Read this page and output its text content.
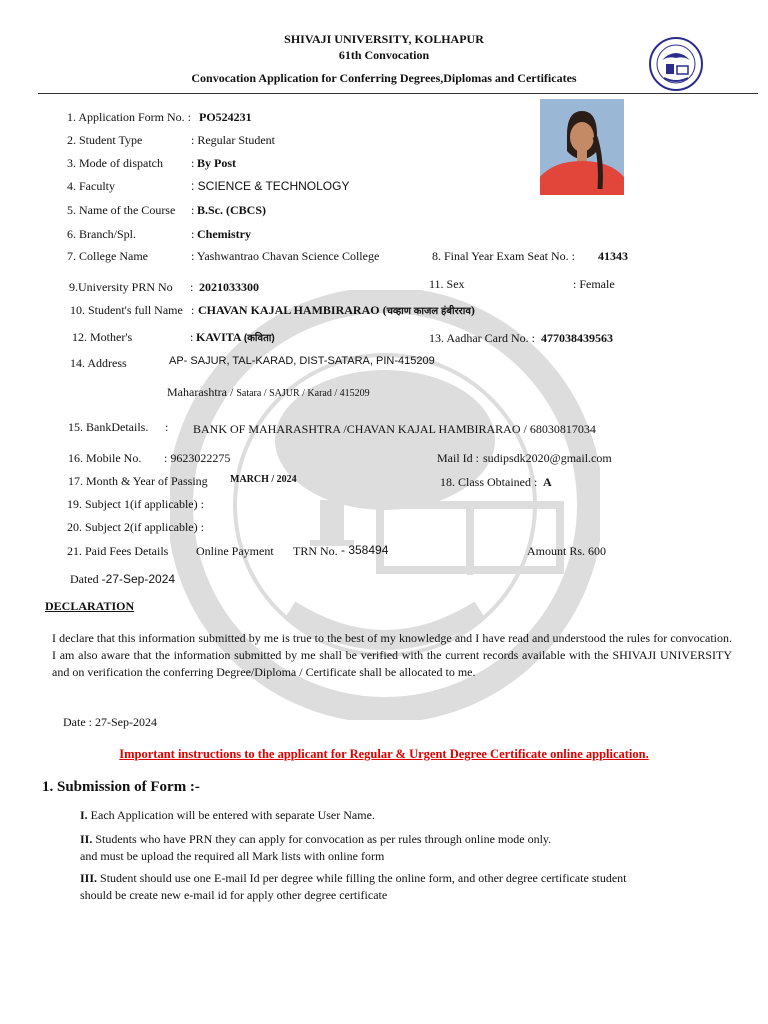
SHIVAJI UNIVERSITY, KOLHAPUR
61th Convocation
Convocation Application for Conferring Degrees,Diplomas and Certificates
1. Application Form No. : PO524231
2. Student Type	: Regular Student
3. Mode of dispatch : By Post
4. Faculty	: SCIENCE & TECHNOLOGY
5. Name of the Course : B.Sc. (CBCS)
6. Branch/Spl.	: Chemistry
7. College Name	: Yashwantrao Chavan Science College	8. Final Year Exam Seat No. : 41343
9.University PRN No : 2021033300	11. Sex	: Female
10. Student's full Name : CHAVAN KAJAL HAMBIRARAO (चव्हाण काजल हंबीरराव)
12. Mother's	: KAVITA (कविता)	13. Aadhar Card No. : 477038439563
14. Address	AP- SAJUR, TAL-KARAD, DIST-SATARA, PIN-415209
Maharashtra / Satara / SAJUR / Karad / 415209
15. BankDetails. : BANK OF MAHARASHTRA /CHAVAN KAJAL HAMBIRARAO / 68030817034
16. Mobile No. : 9623022275	Mail Id : sudipsdk2020@gmail.com
17. Month & Year of Passing MARCH / 2024	18. Class Obtained : A
19. Subject 1(if applicable) :
20. Subject 2(if applicable) :
21. Paid Fees Details Online Payment TRN No. - 358494	Amount Rs. 600
Dated -27-Sep-2024
DECLARATION
I declare that this information submitted by me is true to the best of my knowledge and I have read and understood the rules for convocation. I am also aware that the information submitted by me shall be verified with the current records available with the SHIVAJI UNIVERSITY and on verification the conferring Degree/Diploma / Certificate shall be allocated to me.
Date : 27-Sep-2024
Important instructions to the applicant for Regular & Urgent Degree Certificate online application.
1. Submission of Form :-
I. Each Application will be entered with separate User Name.
II. Students who have PRN they can apply for convocation as per rules through online mode only.
and must be upload the required all Mark lists with online form
III. Student should use one E-mail Id per degree while filling the online form, and other degree certificate student
should be create new e-mail id for apply other degree certificate
